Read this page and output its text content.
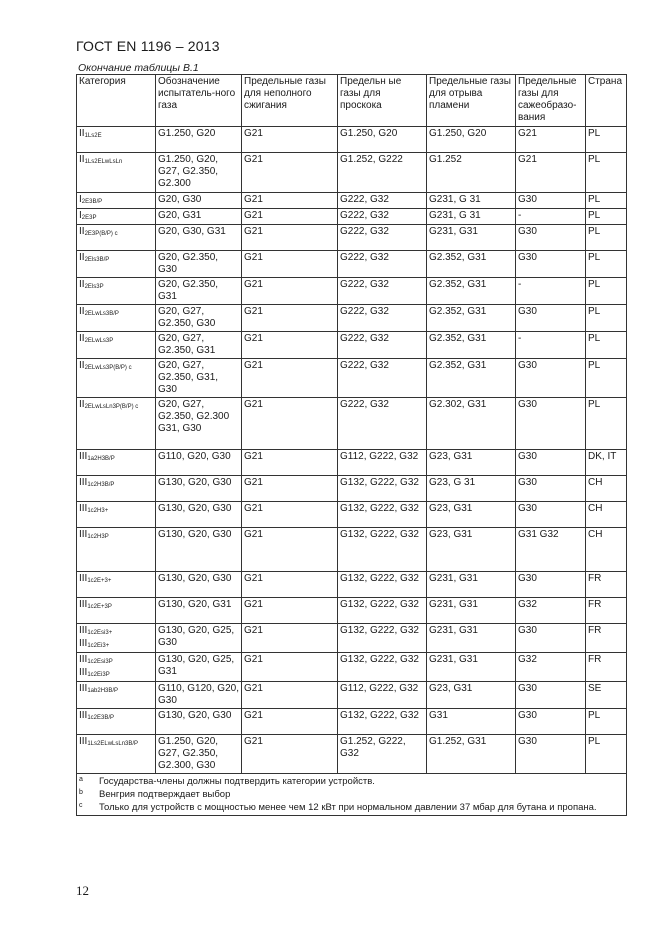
ГОСТ EN 1196 – 2013
Окончание таблицы В.1
Категория	Обозначение испытатель-ного газа	Предельные газы для неполного сжигания	Предельн ые газы для проскока	Предельные газы для отрыва пламени	Предельные газы для сажеобразо-вания	Страна

$II_{1Ls2E}$	G1.250, G20	G21	G1.250, G20	G1.250, G20	G21	PL

$II_{1Ls2ELwLsLn}$	G1.250, G20, G27, G2.350, G2.300	G21	G1.252, G222	G1.252	G21	PL

$I_{2E3B/P}$	G20, G30	G21	G222, G32	G231, G 31	G30	PL

$I_{2E3P}$	G20, G31	G21	G222, G32	G231, G 31	-	PL

$II_{2E3P(B/P) c}$	G20, G30, G31	G21	G222, G32	G231, G31	G30	PL

$II_{2Els3B/P}$	G20, G2.350, G30	G21	G222, G32	G2.352, G31	G30	PL

$II_{2Els3P}$	G20, G2.350, G31	G21	G222, G32	G2.352, G31	-	PL

$II_{2ELwLs3B/P}$	G20, G27, G2.350, G30	G21	G222, G32	G2.352, G31	G30	PL

$II_{2ELwLs3P}$	G20, G27, G2.350, G31	G21	G222, G32	G2.352, G31	-	PL

$II_{2ELwLs3P(B/P) c}$	G20, G27, G2.350, G31, G30	G21	G222, G32	G2.352, G31	G30	PL

$II_{2ELwLsLn3P(B/P) c}$	G20, G27, G2.350, G2.300 G31, G30	G21	G222, G32	G2.302, G31	G30	PL

$III_{1a2H3B/P}$	G110, G20, G30	G21	G112, G222, G32	G23, G31	G30	DK, IT

$III_{1c2H3B/P}$	G130, G20, G30	G21	G132, G222, G32	G23, G 31	G30	CH

$III_{1c2H3+}$	G130, G20, G30	G21	G132, G222, G32	G23, G31	G30	CH

$III_{1c2H3P}$	G130, G20, G30	G21	G132, G222, G32	G23, G31	G31 G32	CH

$III_{1c2E+3+}$	G130, G20, G30	G21	G132, G222, G32	G231, G31	G30	FR

$III_{1c2E+3P}$	G130, G20, G31	G21	G132, G222, G32	G231, G31	G32	FR

$III_{1c2Esi3+}$
$III_{1c2Ei3+}$	G130, G20, G25, G30	G21	G132, G222, G32	G231, G31	G30	FR

$III_{1c2Esi3P}$
$III_{1c2Ei3P}$	G130, G20, G25, G31	G21	G132, G222, G32	G231, G31	G32	FR

$III_{1ab2H3B/P}$	G110, G120, G20, G30	G21	G112, G222, G32	G23, G31	G30	SE

$III_{1c2E3B/P}$	G130, G20, G30	G21	G132, G222, G32	G31	G30	PL

$III_{1Ls2ELwLsLn3B/P}$	G1.250, G20, G27, G2.350, G2.300, G30	G21	G1.252, G222, G32	G1.252, G31	G30	PL

$^a$ Государства-члены должны подтвердить категории устройств.
$^b$ Венгрия подтверждает выбор
$^c$ Только для устройств с мощностью менее чем 12 кВт при нормальном давлении 37 мбар для бутана и пропана.						
12
